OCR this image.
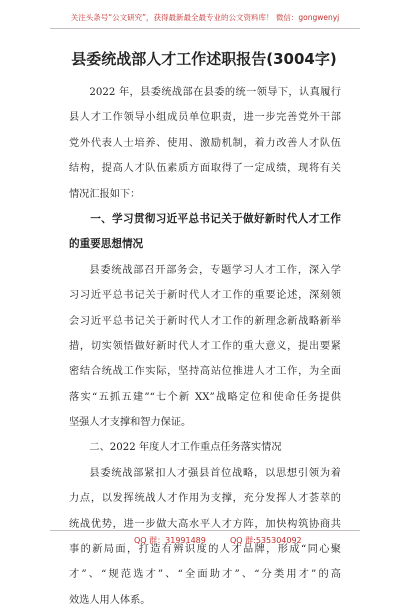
关注头条号“公文研究”，获得最新最全最专业的公文资料库！ 微信：gongwenyj
县委统战部人才工作述职报告(3004字)
2022 年，县委统战部在县委的统一领导下，认真履行
县人才工作领导小组成员单位职责，进一步完善党外干部
党外代表人士培养、使用、激励机制，着力改善人才队伍
结构，提高人才队伍素质方面取得了一定成绩，现将有关
情况汇报如下：
一、学习贯彻习近平总书记关于做好新时代人才工作
的重要思想情况
县委统战部召开部务会，专题学习人才工作，深入学
习习近平总书记关于新时代人才工作的重要论述，深刻领
会习近平总书记关于新时代人才工作的新理念新战略新举
措，切实领悟做好新时代人才工作的重大意义，提出要紧
密结合统战工作实际，坚持高站位推进人才工作，为全面
落实“五抓五建”“七个新 XX”战略定位和使命任务提供
坚强人才支撑和智力保证。
二、2022 年度人才工作重点任务落实情况
县委统战部紧扣人才强县首位战略，以思想引领为着
力点，以发挥统战人才作用为支撑，充分发挥人才荟萃的
统战优势，进一步做大高水平人才方阵，加快构筑协商共
事的新局面，打造有辨识度的人才品牌，形成“同心聚
才”、“规范选才”、“全面助才”、“分类用才”的高
效选人用人体系。
QQ 群：31991489	QQ 群:535304092
